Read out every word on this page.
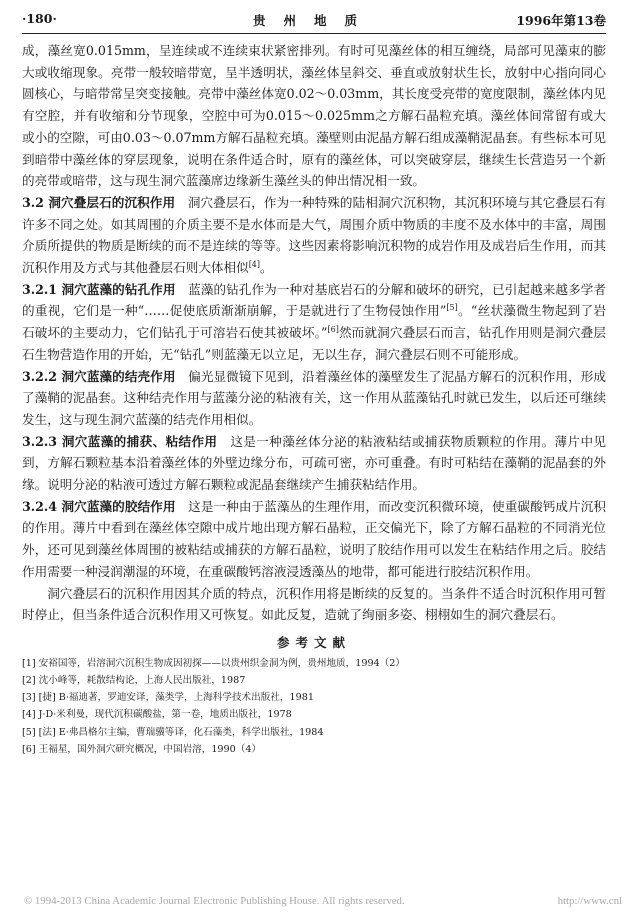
·180·	贵州地质	1996年第13卷

成，藻丝宽0.015mm，呈连续或不连续束状紧密排列。有时可见藻丝体的相互缠绕，局部可见藻束的膨大或收缩现象。亮带一般较暗带宽，呈半透明状，藻丝体呈斜交、垂直或放射状生长，放射中心指向同心圆核心，与暗带常呈突变接触。亮带中藻丝体宽0.02～0.03mm，其长度受亮带的宽度限制，藻丝体内见有空腔，并有收缩和分节现象，空腔中可为0.015～0.025mm之方解石晶粒充填。藻丝体间常留有或大或小的空隙，可由0.03～0.07mm方解石晶粒充填。藻壁则由泥晶方解石组成藻鞘泥晶套。有些标本可见到暗带中藻丝体的穿层现象，说明在条件适合时，原有的藻丝体，可以突破穿层，继续生长营造另一个新的亮带或暗带，这与现生洞穴蓝藻席边缘新生藻丝头的伸出情况相一致。

3.2 洞穴叠层石的沉积作用　 洞穴叠层石，作为一种特殊的陆相洞穴沉积物，其沉积环境与其它叠层石有许多不同之处。如其周围的介质主要不是水体而是大气，周围介质中物质的丰度不及水体中的丰富，周围介质所提供的物质是断续的而不是连续的等等。这些因素将影响沉积物的成岩作用及成岩后生作用，而其沉积作用及方式与其他叠层石则大体相似[4]。

3.2.1 洞穴蓝藻的钻孔作用　 蓝藻的钻孔作为一种对基底岩石的分解和破坏的研究，已引起越来越多学者的重视，它们是一种“……促使底质渐渐崩解，于是就进行了生物侵蚀作用”[5]。“丝状藻微生物起到了岩石破坏的主要动力，它们钻孔于可溶岩石使其被破坏。”[6]然而就洞穴叠层石而言，钻孔作用则是洞穴叠层石生物营造作用的开始，无“钻孔”则蓝藻无以立足，无以生存，洞穴叠层石则不可能形成。

3.2.2 洞穴蓝藻的结壳作用　 偏光显微镜下见到，沿着藻丝体的藻壁发生了泥晶方解石的沉积作用，形成了藻鞘的泥晶套。这种结壳作用与蓝藻分泌的粘液有关，这一作用从蓝藻钻孔时就已发生，以后还可继续发生，这与现生洞穴蓝藻的结壳作用相似。

3.2.3 洞穴蓝藻的捕获、粘结作用　 这是一种藻丝体分泌的粘液粘结或捕获物质颗粒的作用。薄片中见到，方解石颗粒基本沿着藻丝体的外壁边缘分布，可疏可密，亦可重叠。有时可粘结在藻鞘的泥晶套的外缘。说明分泌的粘液可透过方解石颗粒或泥晶套继续产生捕获粘结作用。

3.2.4 洞穴蓝藻的胶结作用　 这是一种由于蓝藻丛的生理作用，而改变沉积微环境，使重碳酸钙成片沉积的作用。薄片中看到在藻丝体空隙中成片地出现方解石晶粒，正交偏光下，除了方解石晶粒的不同消光位外，还可见到藻丝体周围的被粘结或捕获的方解石晶粒，说明了胶结作用可以发生在粘结作用之后。胶结作用需要一种浸润潮湿的环境，在重碳酸钙溶液浸透藻丛的地带，都可能进行胶结沉积作用。

洞穴叠层石的沉积作用因其介质的特点，沉积作用将是断续的反复的。当条件不适合时沉积作用可暂时停止，但当条件适合沉积作用又可恢复。如此反复，造就了绚丽多姿、栩栩如生的洞穴叠层石。

参考文献
[1] 安裕国等，岩溶洞穴沉积生物成因初探——以贵州织金洞为例，贵州地质，1994（2）
[2] 沈小峰等，耗散结构论，上海人民出版社，1987
[3] [捷] B·福迪著，罗迪安译，藻类学，上海科学技术出版社，1981
[4] J·D·米利曼，现代沉积碳酸盐，第一卷，地质出版社，1978
[5] [法] E·弗昌格尔主编，曹瑞骥等译，化石藻类，科学出版社，1984
[6] 王福星，国外洞穴研究概况，中国岩溶，1990（4）
© 1994-2013 China Academic Journal Electronic Publishing House. All rights reserved.	http://www.cnl
